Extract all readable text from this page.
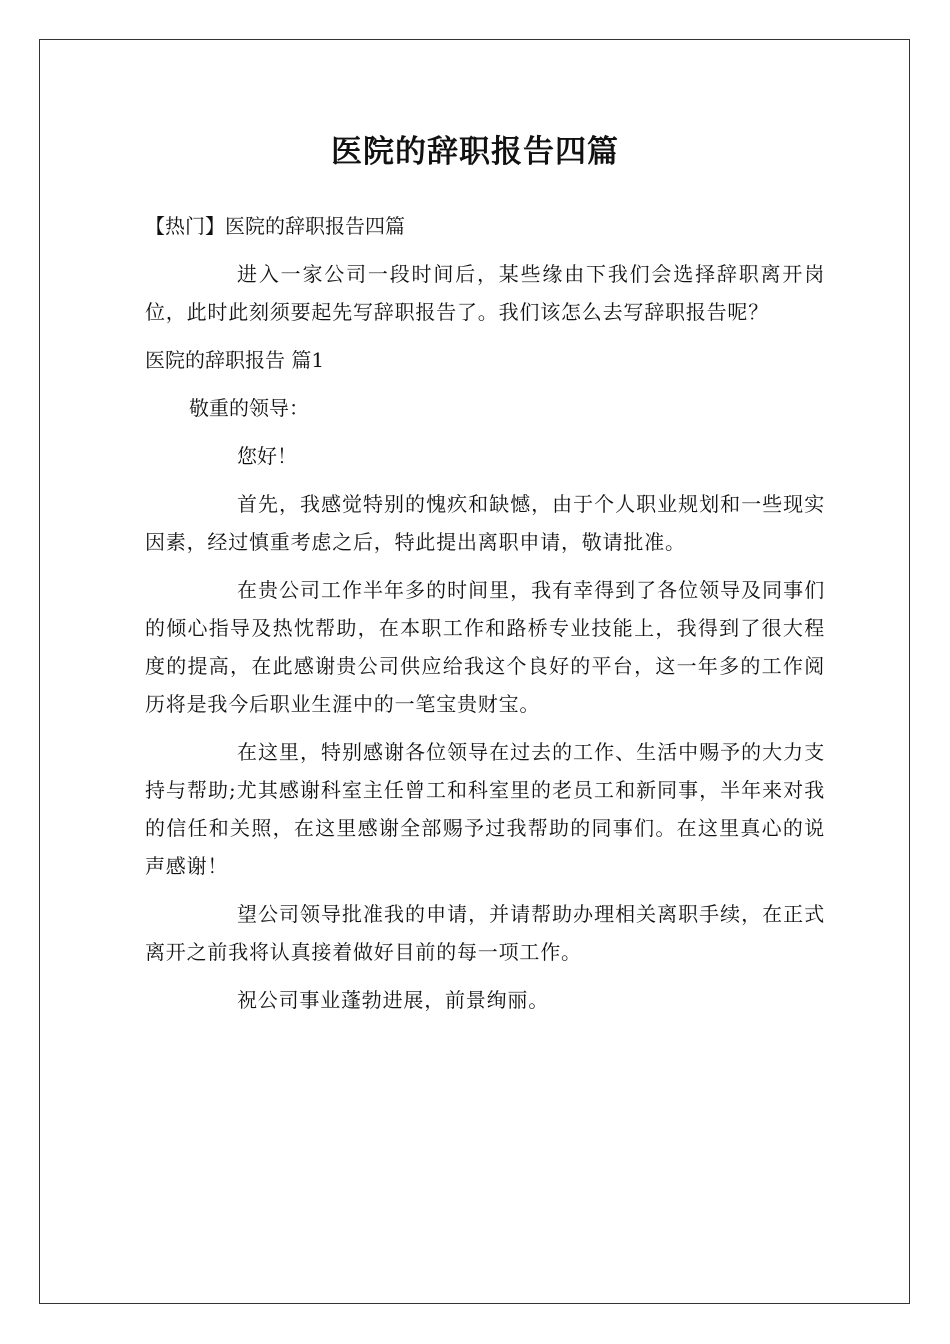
医院的辞职报告四篇

【热门】医院的辞职报告四篇

进入一家公司一段时间后，某些缘由下我们会选择辞职离开岗位，此时此刻须要起先写辞职报告了。我们该怎么去写辞职报告呢？

医院的辞职报告 篇1

敬重的领导：

您好！

首先，我感觉特别的愧疚和缺憾，由于个人职业规划和一些现实因素，经过慎重考虑之后，特此提出离职申请，敬请批准。

在贵公司工作半年多的时间里，我有幸得到了各位领导及同事们的倾心指导及热忱帮助，在本职工作和路桥专业技能上，我得到了很大程度的提高，在此感谢贵公司供应给我这个良好的平台，这一年多的工作阅历将是我今后职业生涯中的一笔宝贵财宝。

在这里，特别感谢各位领导在过去的工作、生活中赐予的大力支持与帮助;尤其感谢科室主任曾工和科室里的老员工和新同事，半年来对我的信任和关照，在这里感谢全部赐予过我帮助的同事们。在这里真心的说声感谢！

望公司领导批准我的申请，并请帮助办理相关离职手续，在正式离开之前我将认真接着做好目前的每一项工作。

祝公司事业蓬勃进展，前景绚丽。
